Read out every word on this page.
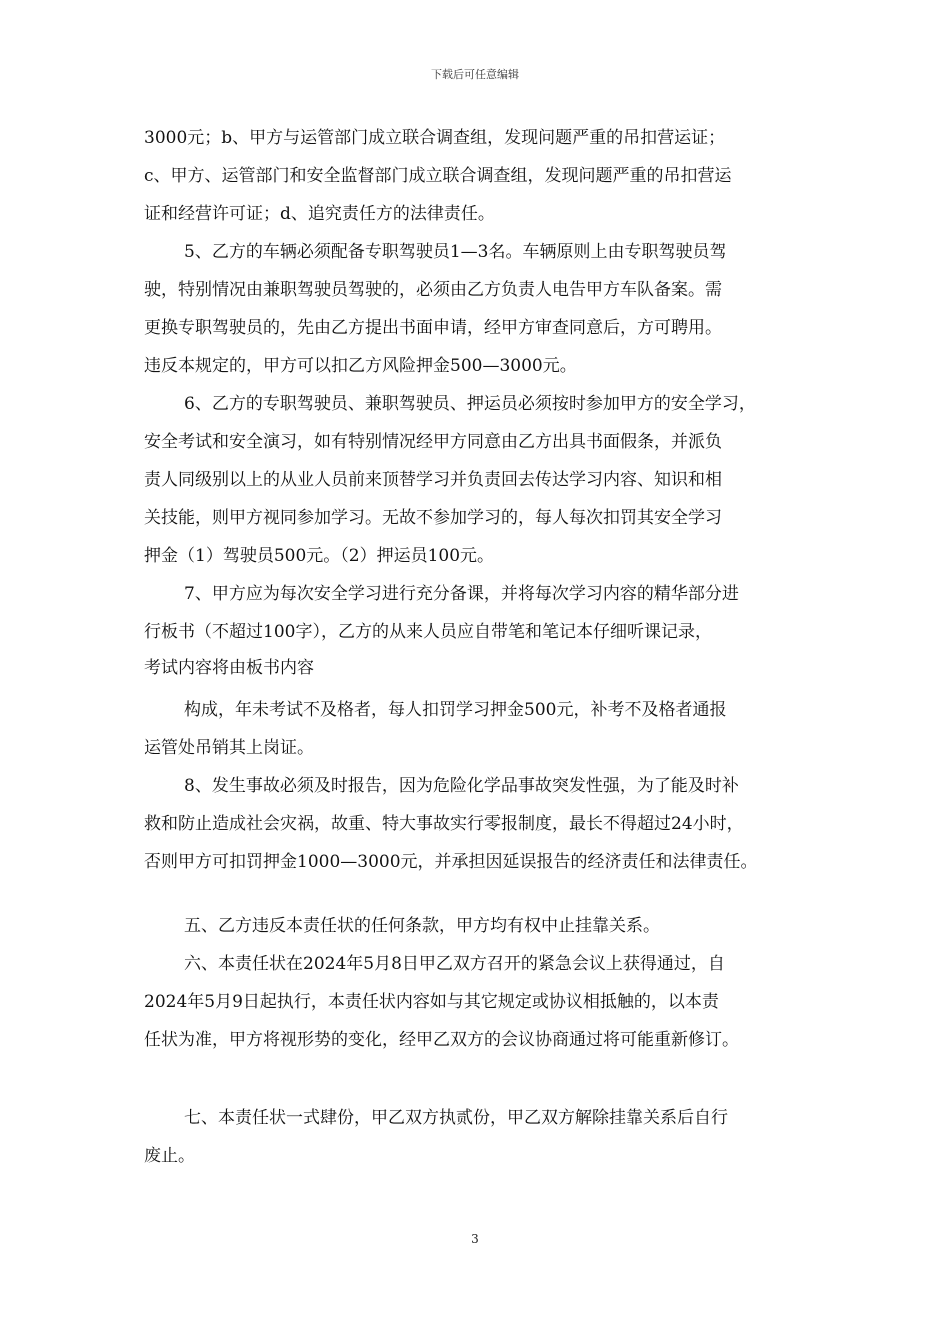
下载后可任意编辑
3000元；b、甲方与运管部门成立联合调查组，发现问题严重的吊扣营运证；
c、甲方、运管部门和安全监督部门成立联合调查组，发现问题严重的吊扣营运
证和经营许可证；d、追究责任方的法律责任。
5、乙方的车辆必须配备专职驾驶员1—3名。车辆原则上由专职驾驶员驾
驶，特别情况由兼职驾驶员驾驶的，必须由乙方负责人电告甲方车队备案。需
更换专职驾驶员的，先由乙方提出书面申请，经甲方审查同意后，方可聘用。
违反本规定的，甲方可以扣乙方风险押金500—3000元。
6、乙方的专职驾驶员、兼职驾驶员、押运员必须按时参加甲方的安全学习，
安全考试和安全演习，如有特别情况经甲方同意由乙方出具书面假条，并派负
责人同级别以上的从业人员前来顶替学习并负责回去传达学习内容、知识和相
关技能，则甲方视同参加学习。无故不参加学习的，每人每次扣罚其安全学习
押金（1）驾驶员500元。（2）押运员100元。
7、甲方应为每次安全学习进行充分备课，并将每次学习内容的精华部分进
行板书（不超过100字），乙方的从来人员应自带笔和笔记本仔细听课记录，
考试内容将由板书内容
构成，年未考试不及格者，每人扣罚学习押金500元，补考不及格者通报
运管处吊销其上岗证。
8、发生事故必须及时报告，因为危险化学品事故突发性强，为了能及时补
救和防止造成社会灾祸，故重、特大事故实行零报制度，最长不得超过24小时，
否则甲方可扣罚押金1000—3000元，并承担因延误报告的经济责任和法律责任。
五、乙方违反本责任状的任何条款，甲方均有权中止挂靠关系。
六、本责任状在2024年5月8日甲乙双方召开的紧急会议上获得通过，自
2024年5月9日起执行，本责任状内容如与其它规定或协议相抵触的，以本责
任状为准，甲方将视形势的变化，经甲乙双方的会议协商通过将可能重新修订。
七、本责任状一式肆份，甲乙双方执贰份，甲乙双方解除挂靠关系后自行
废止。
3
